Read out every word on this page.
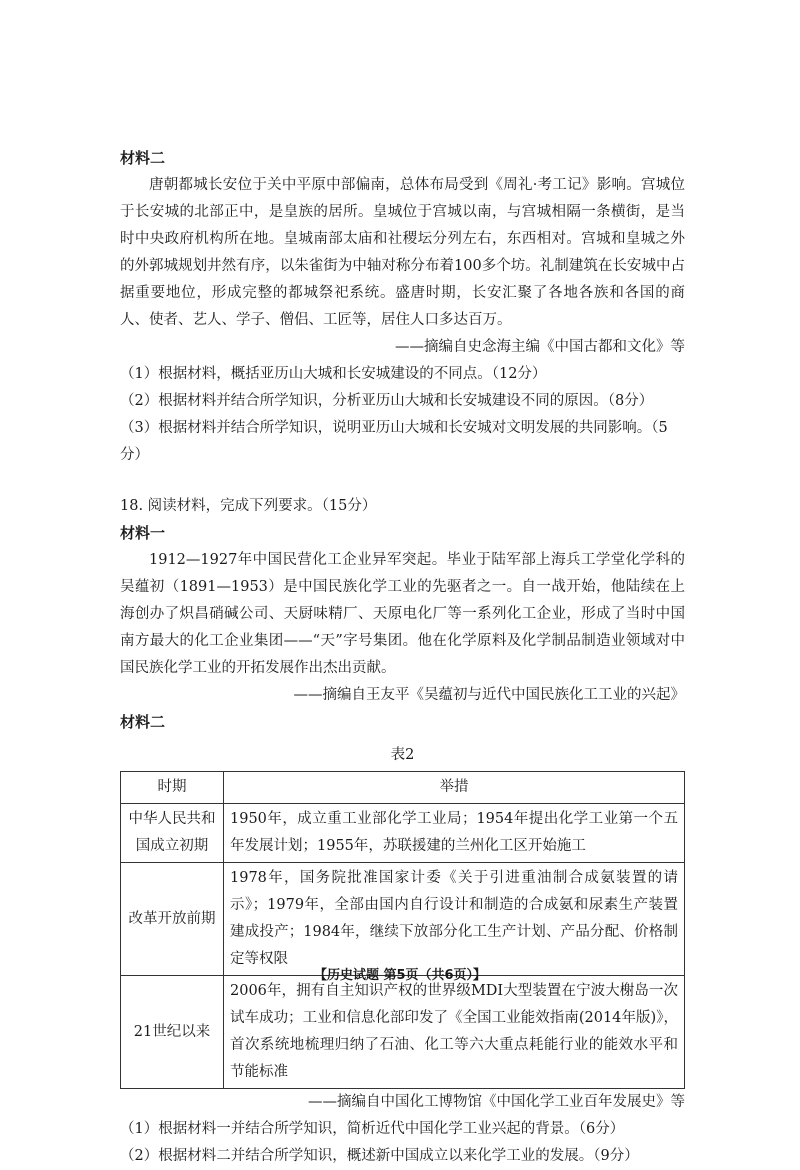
材料二

唐朝都城长安位于关中平原中部偏南，总体布局受到《周礼·考工记》影响。宫城位于长安城的北部正中，是皇族的居所。皇城位于宫城以南，与宫城相隔一条横街，是当时中央政府机构所在地。皇城南部太庙和社稷坛分列左右，东西相对。宫城和皇城之外的外郭城规划井然有序，以朱雀街为中轴对称分布着100多个坊。礼制建筑在长安城中占据重要地位，形成完整的都城祭祀系统。盛唐时期，长安汇聚了各地各族和各国的商人、使者、艺人、学子、僧侣、工匠等，居住人口多达百万。

——摘编自史念海主编《中国古都和文化》等

（1）根据材料，概括亚历山大城和长安城建设的不同点。（12分）

（2）根据材料并结合所学知识，分析亚历山大城和长安城建设不同的原因。（8分）

（3）根据材料并结合所学知识，说明亚历山大城和长安城对文明发展的共同影响。（5分）

18. 阅读材料，完成下列要求。（15分）

材料一

1912—1927年中国民营化工企业异军突起。毕业于陆军部上海兵工学堂化学科的吴蕴初（1891—1953）是中国民族化学工业的先驱者之一。自一战开始，他陆续在上海创办了炽昌硝碱公司、天厨味精厂、天原电化厂等一系列化工企业，形成了当时中国南方最大的化工企业集团——“天”字号集团。他在化学原料及化学制品制造业领域对中国民族化学工业的开拓发展作出杰出贡献。

——摘编自王友平《吴蕴初与近代中国民族化工工业的兴起》

材料二

表2

时期	举措
中华人民共和国成立初期	1950年，成立重工业部化学工业局；1954年提出化学工业第一个五年发展计划；1955年，苏联援建的兰州化工区开始施工
改革开放前期	1978年，国务院批准国家计委《关于引进重油制合成氨装置的请示》；1979年，全部由国内自行设计和制造的合成氨和尿素生产装置建成投产；1984年，继续下放部分化工生产计划、产品分配、价格制定等权限
21世纪以来	2006年，拥有自主知识产权的世界级MDI大型装置在宁波大榭岛一次试车成功；工业和信息化部印发了《全国工业能效指南(2014年版)》，首次系统地梳理归纳了石油、化工等六大重点耗能行业的能效水平和节能标准

——摘编自中国化工博物馆《中国化学工业百年发展史》等

（1）根据材料一并结合所学知识，简析近代中国化学工业兴起的背景。（6分）

（2）根据材料二并结合所学知识，概述新中国成立以来化学工业的发展。（9分）

【历史试题 第5页（共6页）】
